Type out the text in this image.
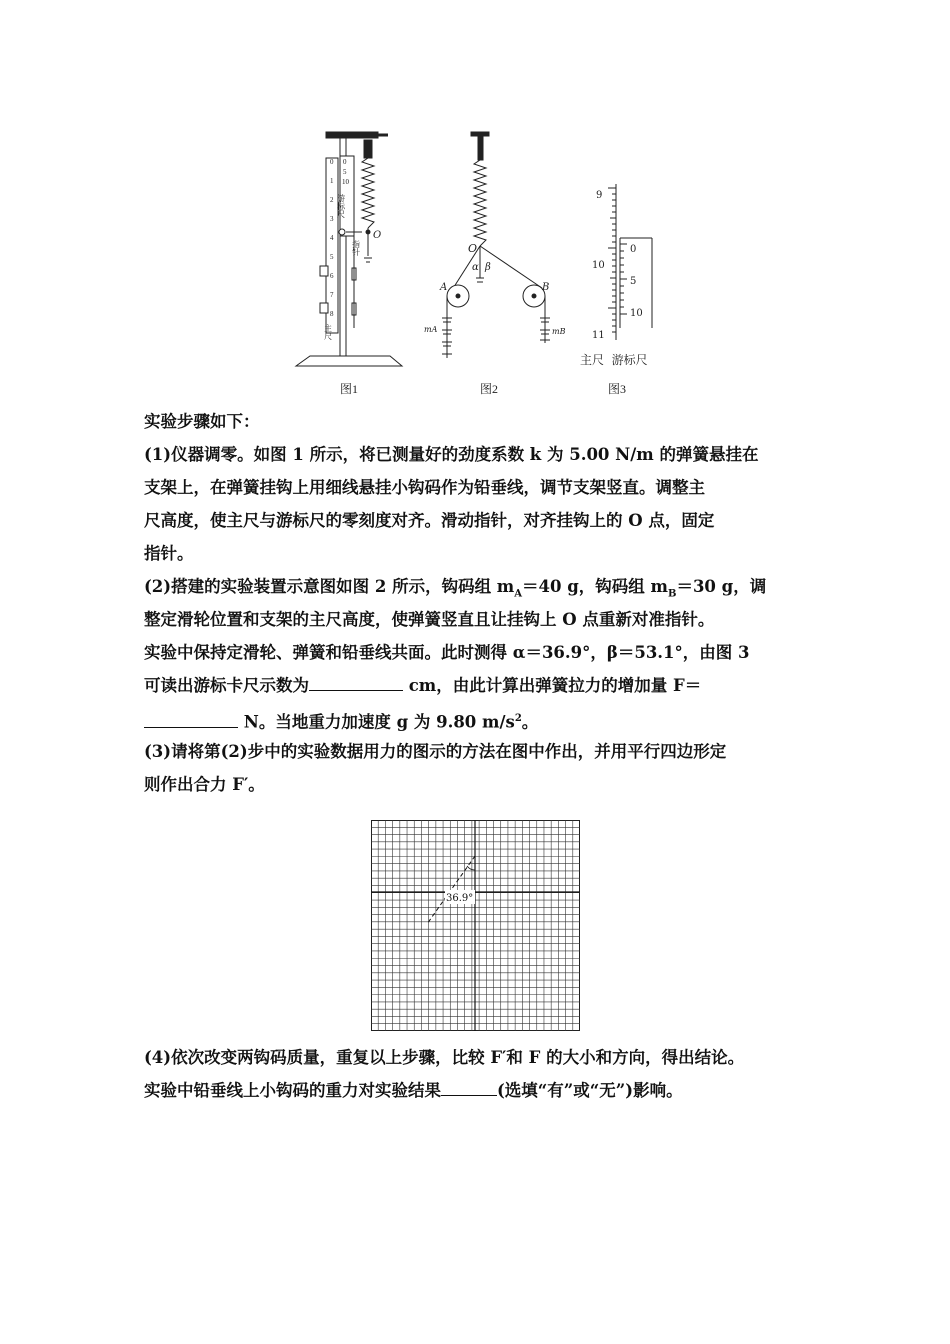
0
1
2
3
4
5
6
7
8
0
5
10
游标尺
指针
主尺
O
O
α β
A	B
mA	mB
9
10
11
0
5
10
主尺  游标尺
图1	图2	图3
实验步骤如下：
(1)仪器调零。如图 1 所示，将已测量好的劲度系数 k 为 5.00 N/m 的弹簧悬挂在
支架上，在弹簧挂钩上用细线悬挂小钩码作为铅垂线，调节支架竖直。调整主
尺高度，使主尺与游标尺的零刻度对齐。滑动指针，对齐挂钩上的 O 点，固定
指针。
(2)搭建的实验装置示意图如图 2 所示，钩码组 $m_A=40$ g，钩码组 $m_B=30$ g，调
整定滑轮位置和支架的主尺高度，使弹簧竖直且让挂钩上 O 点重新对准指针。
实验中保持定滑轮、弹簧和铅垂线共面。此时测得 α＝36.9°，β＝53.1°，由图 3
可读出游标卡尺示数为	cm，由此计算出弹簧拉力的增加量 F＝
N。当地重力加速度 g 为 9.80 $m/s^2$。
(3)请将第(2)步中的实验数据用力的图示的方法在图中作出，并用平行四边形定
则作出合力 F′。
36.9°
(4)依次改变两钩码质量，重复以上步骤，比较 F′和 F 的大小和方向，得出结论。
实验中铅垂线上小钩码的重力对实验结果	(选填“有”或“无”)影响。
